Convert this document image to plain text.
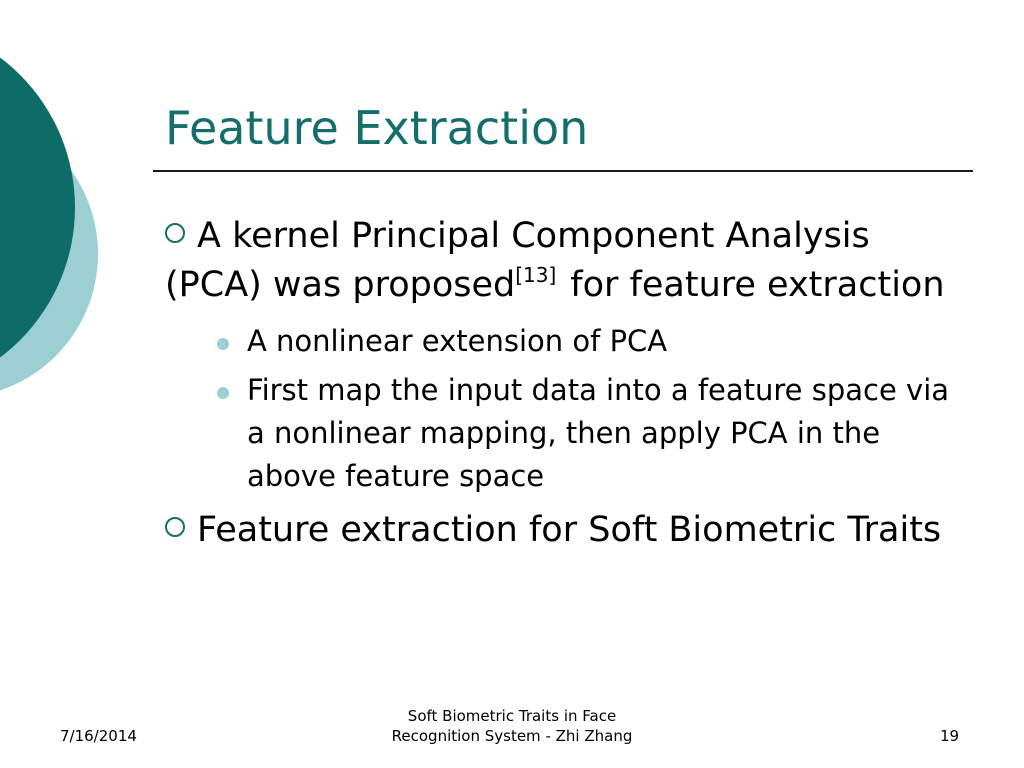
Feature Extraction
A kernel Principal Component Analysis (PCA) was proposed[13] for feature extraction
A nonlinear extension of PCA
First map the input data into a feature space via a nonlinear mapping, then apply PCA in the above feature space
Feature extraction for Soft Biometric Traits
7/16/2014
Soft Biometric Traits in Face
Recognition System - Zhi Zhang	19
